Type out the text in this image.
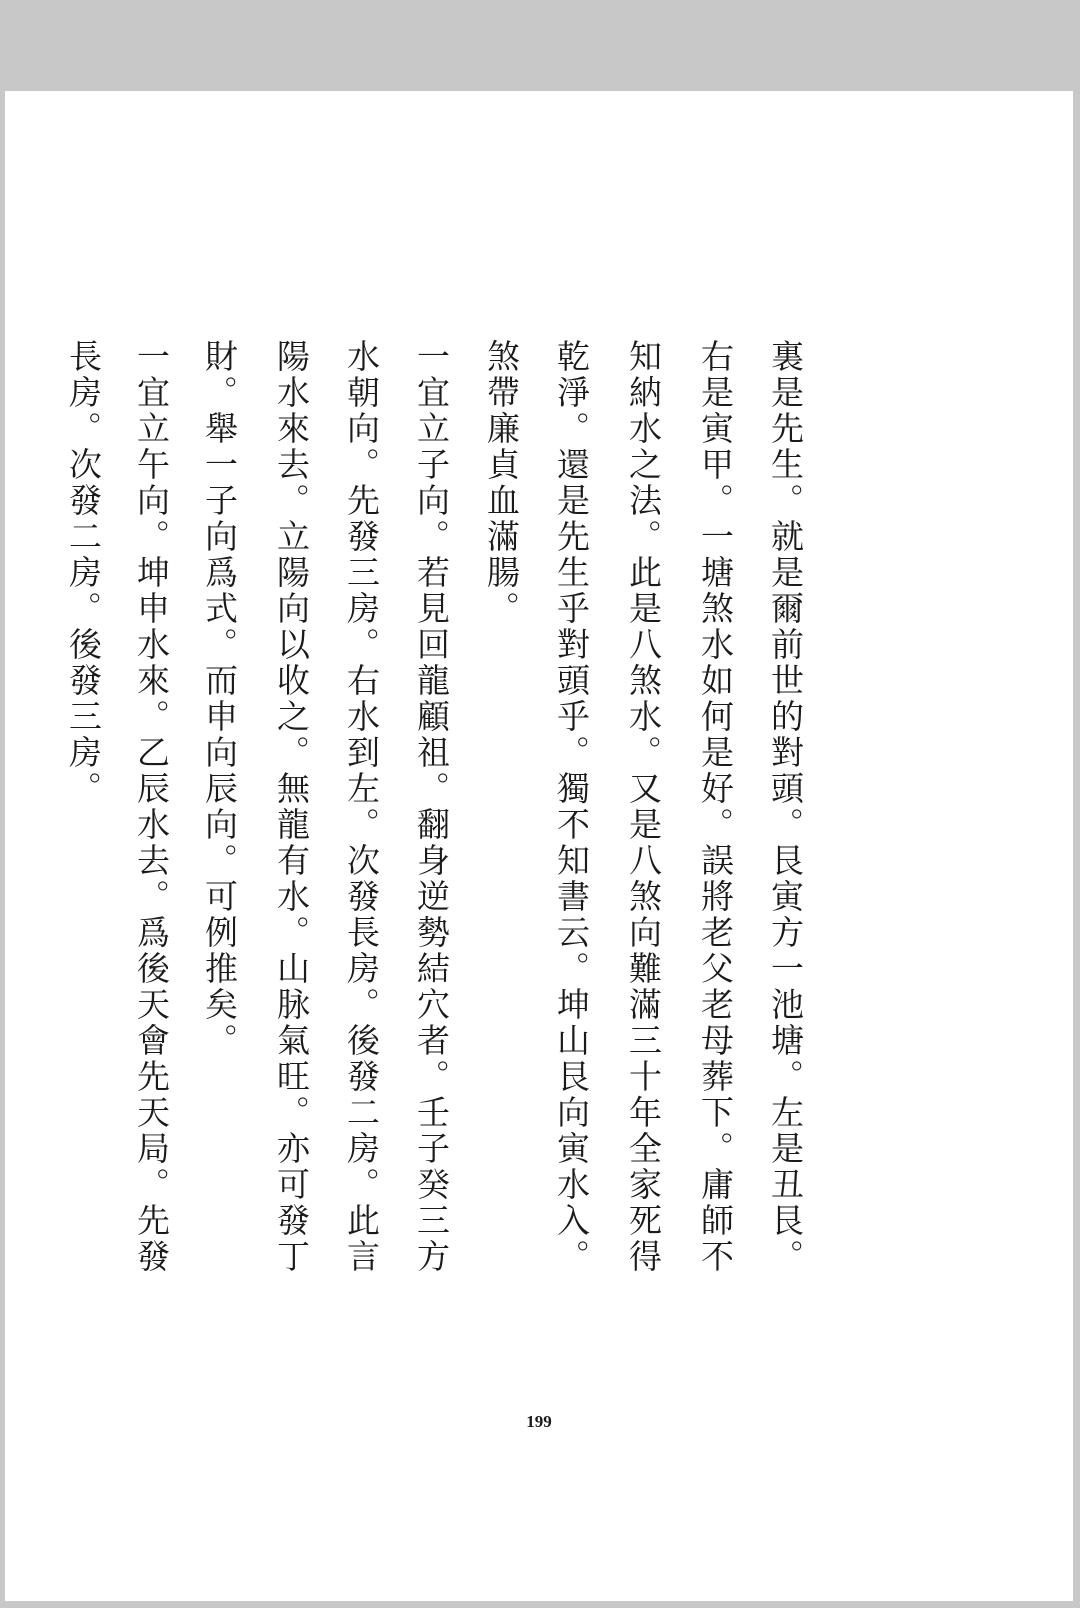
裏是先生。就是爾前世的對頭。艮寅方一池塘。左是丑艮。
右是寅甲。一塘煞水如何是好。誤將老父老母葬下。庸師不
知納水之法。此是八煞水。又是八煞向難滿三十年全家死得
乾淨。還是先生乎對頭乎。獨不知書云。坤山艮向寅水入。
煞帶廉貞血滿腸。
一宜立子向。若見回龍顧祖。翻身逆勢結穴者。壬子癸三方
水朝向。先發三房。右水到左。次發長房。後發二房。此言
陽水來去。立陽向以收之。無龍有水。山脉氣旺。亦可發丁
財。舉一子向爲式。而申向辰向。可例推矣。
一宜立午向。坤申水來。乙辰水去。爲後天會先天局。先發
長房。次發二房。後發三房。
199
